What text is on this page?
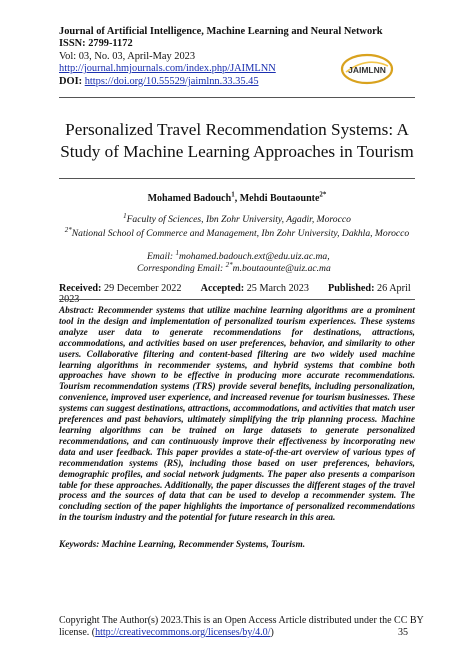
Journal of Artificial Intelligence, Machine Learning and Neural Network
ISSN: 2799-1172
Vol: 03, No. 03, April-May 2023
http://journal.hmjournals.com/index.php/JAIMLNN
DOI: https://doi.org/10.55529/jaimlnn.33.35.45
JAIMLNN
Personalized Travel Recommendation Systems: A
Study of Machine Learning Approaches in Tourism
Mohamed Badouch$^1$, Mehdi Boutaounte$^{2*}$
$^1$Faculty of Sciences, Ibn Zohr University, Agadir, Morocco
$^{2*}$National School of Commerce and Management, Ibn Zohr University, Dakhla, Morocco
Email: $^1$mohamed.badouch.ext@edu.uiz.ac.ma,
Corresponding Email: $^{2*}$m.boutaounte@uiz.ac.ma
Received: 29 December 2022 Accepted: 25 March 2023 Published: 26 April
Abstract: Recommender systems that utilize machine learning algorithms are a prominent tool in the design and implementation of personalized tourism experiences. These systems analyze user data to generate recommendations for destinations, attractions, accommodations, and activities based on user preferences, behavior, and similarity to other users. Collaborative filtering and content-based filtering are two widely used machine learning algorithms in recommender systems, and hybrid systems that combine both approaches have shown to be effective in producing more accurate recommendations. Tourism recommendation systems (TRS) provide several benefits, including personalization, convenience, improved user experience, and increased revenue for tourism businesses. These systems can suggest destinations, attractions, accommodations, and activities that match user preferences and past behaviors, ultimately simplifying the trip planning process. Machine learning algorithms can be trained on large datasets to generate personalized recommendations, and can continuously improve their effectiveness by incorporating new data and user feedback. This paper provides a state-of-the-art overview of various types of recommendation systems (RS), including those based on user preferences, behaviors, demographic profiles, and social network judgments. The paper also presents a comparison table for these approaches. Additionally, the paper discusses the different stages of the travel process and the sources of data that can be used to develop a recommender system. The concluding section of the paper highlights the importance of personalized recommendations in the tourism industry and the potential for future research in this area.
Keywords: Machine Learning, Recommender Systems, Tourism.
Copyright The Author(s) 2023.This is an Open Access Article distributed under the CC BY
license. (http://creativecommons.org/licenses/by/4.0/)	35
